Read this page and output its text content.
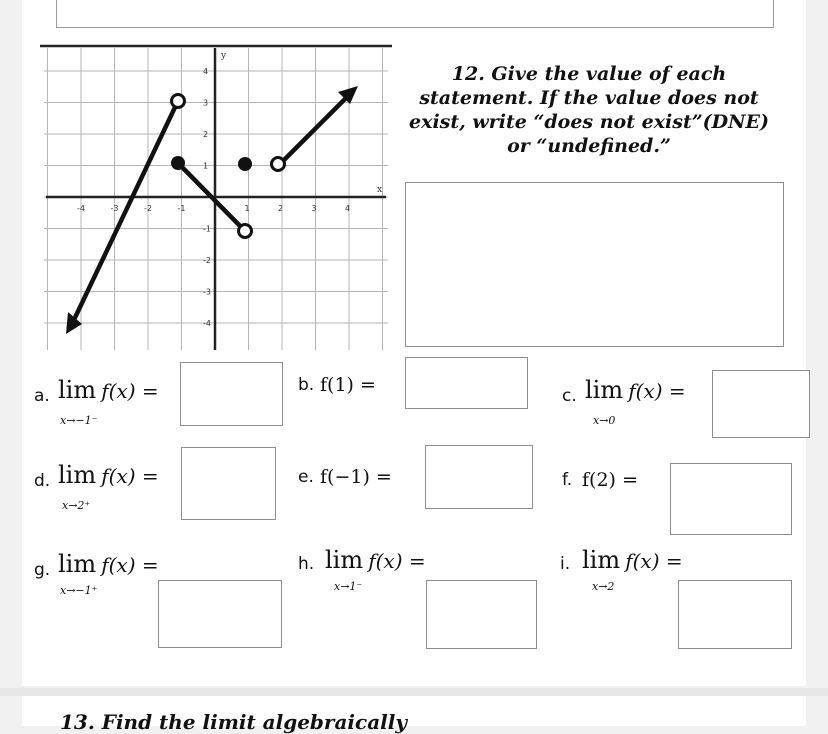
-4	-3	-2	-1	1	2	3	4
4
3
2
1
-1
-2
-3
-4
y
x
12. Give the value of each statement. If the value does not exist, write “does not exist”(DNE) or “undefined.”
a. lim f(x) =
x→−1⁻
b. f(1) =	c. lim f(x) =
x→0
d. lim f(x) =
x→2⁺
e. f(−1) =	f. f(2) =
g. lim f(x) =
x→−1⁺
h. lim f(x) =
x→1⁻
i. lim f(x) =
x→2
13. Find the limit algebraically
